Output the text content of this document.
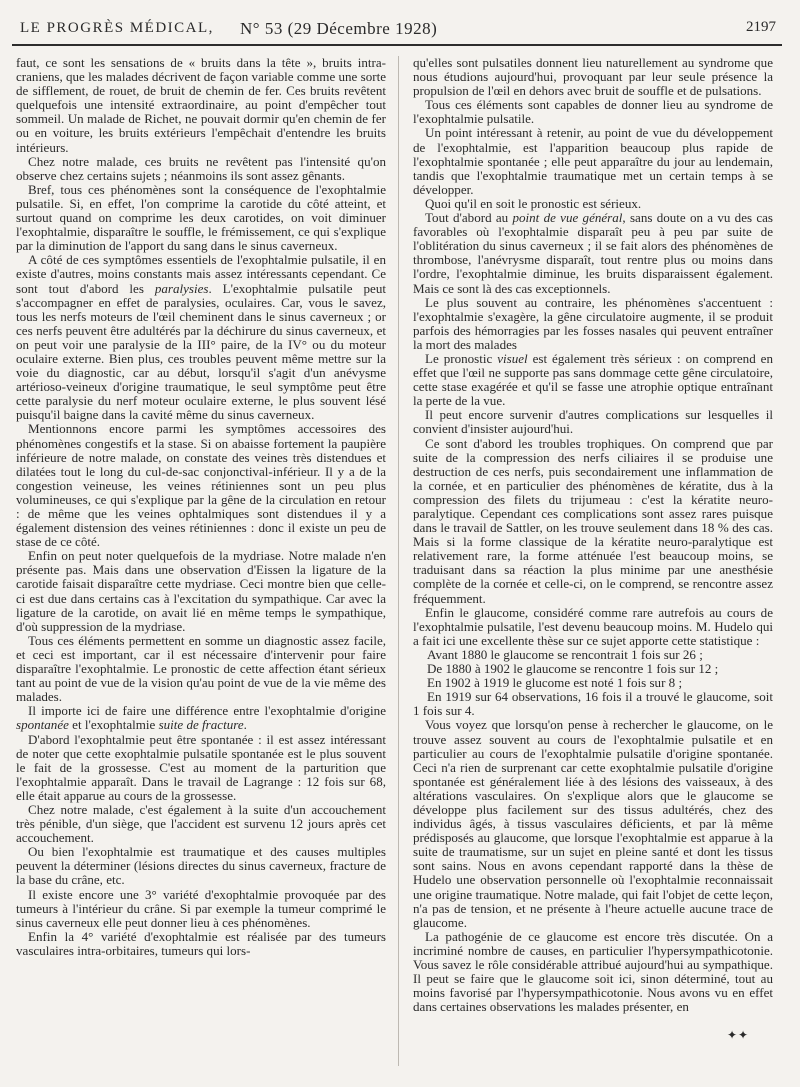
LE PROGRÈS MÉDICAL, N° 53 (29 Décembre 1928)	2197

faut, ce sont les sensations de « bruits dans la tête », bruits intra-craniens, que les malades décrivent de façon variable comme une sorte de sifflement, de rouet, de bruit de chemin de fer. Ces bruits revêtent quelquefois une intensité extraordinaire, au point d'empêcher tout sommeil. Un malade de Richet, ne pouvait dormir qu'en chemin de fer ou en voiture, les bruits extérieurs l'empêchait d'entendre les bruits intérieurs.

Chez notre malade, ces bruits ne revêtent pas l'intensité qu'on observe chez certains sujets ; néanmoins ils sont assez gênants.

Bref, tous ces phénomènes sont la conséquence de l'exophtalmie pulsatile. Si, en effet, l'on comprime la carotide du côté atteint, et surtout quand on comprime les deux carotides, on voit diminuer l'exophtalmie, disparaître le souffle, le frémissement, ce qui s'explique par la diminution de l'apport du sang dans le sinus caverneux.

A côté de ces symptômes essentiels de l'exophtalmie pulsatile, il en existe d'autres, moins constants mais assez intéressants cependant. Ce sont tout d'abord les paralysies. L'exophtalmie pulsatile peut s'accompagner en effet de paralysies, oculaires. Car, vous le savez, tous les nerfs moteurs de l'œil cheminent dans le sinus caverneux ; or ces nerfs peuvent être adultérés par la déchirure du sinus caverneux, et on peut voir une paralysie de la III° paire, de la IV° ou du moteur oculaire externe. Bien plus, ces troubles peuvent même mettre sur la voie du diagnostic, car au début, lorsqu'il s'agit d'un anévysme artérioso-veineux d'origine traumatique, le seul symptôme peut être cette paralysie du nerf moteur oculaire externe, le plus souvent lésé puisqu'il baigne dans la cavité même du sinus caverneux.

Mentionnons encore parmi les symptômes accessoires des phénomènes congestifs et la stase. Si on abaisse fortement la paupière inférieure de notre malade, on constate des veines très distendues et dilatées tout le long du cul-de-sac conjonctival-inférieur. Il y a de la congestion veineuse, les veines rétiniennes sont un peu plus volumineuses, ce qui s'explique par la gêne de la circulation en retour : de même que les veines ophtalmiques sont distendues il y a également distension des veines rétiniennes : donc il existe un peu de stase de ce côté.

Enfin on peut noter quelquefois de la mydriase. Notre malade n'en présente pas. Mais dans une observation d'Eissen la ligature de la carotide faisait disparaître cette mydriase. Ceci montre bien que celle-ci est due dans certains cas à l'excitation du sympathique. Car avec la ligature de la carotide, on avait lié en même temps le sympathique, d'où suppression de la mydriase.

Tous ces éléments permettent en somme un diagnostic assez facile, et ceci est important, car il est nécessaire d'intervenir pour faire disparaître l'exophtalmie. Le pronostic de cette affection étant sérieux tant au point de vue de la vision qu'au point de vue de la vie même des malades.

Il importe ici de faire une différence entre l'exophtalmie d'origine spontanée et l'exophtalmie suite de fracture.

D'abord l'exophtalmie peut être spontanée : il est assez intéressant de noter que cette exophtalmie pulsatile spontanée est le plus souvent le fait de la grossesse. C'est au moment de la parturition que l'exophtalmie apparaît. Dans le travail de Lagrange : 12 fois sur 68, elle était apparue au cours de la grossesse.

Chez notre malade, c'est également à la suite d'un accouchement très pénible, d'un siège, que l'accident est survenu 12 jours après cet accouchement.

Ou bien l'exophtalmie est traumatique et des causes multiples peuvent la déterminer (lésions directes du sinus caverneux, fracture de la base du crâne, etc.

Il existe encore une 3° variété d'exophtalmie provoquée par des tumeurs à l'intérieur du crâne. Si par exemple la tumeur comprimé le sinus caverneux elle peut donner lieu à ces phénomènes.

Enfin la 4° variété d'exophtalmie est réalisée par des tumeurs vasculaires intra-orbitaires, tumeurs qui lors-

qu'elles sont pulsatiles donnent lieu naturellement au syndrome que nous étudions aujourd'hui, provoquant par leur seule présence la propulsion de l'œil en dehors avec bruit de souffle et de pulsations.

Tous ces éléments sont capables de donner lieu au syndrome de l'exophtalmie pulsatile.

Un point intéressant à retenir, au point de vue du développement de l'exophtalmie, est l'apparition beaucoup plus rapide de l'exophtalmie spontanée ; elle peut apparaître du jour au lendemain, tandis que l'exophtalmie traumatique met un certain temps à se développer.

Quoi qu'il en soit le pronostic est sérieux.

Tout d'abord au point de vue général, sans doute on a vu des cas favorables où l'exophtalmie disparaît peu à peu par suite de l'oblitération du sinus caverneux ; il se fait alors des phénomènes de thrombose, l'anévrysme disparaît, tout rentre plus ou moins dans l'ordre, l'exophtalmie diminue, les bruits disparaissent également. Mais ce sont là des cas exceptionnels.

Le plus souvent au contraire, les phénomènes s'accentuent : l'exophtalmie s'exagère, la gêne circulatoire augmente, il se produit parfois des hémorragies par les fosses nasales qui peuvent entraîner la mort des malades

Le pronostic visuel est également très sérieux : on comprend en effet que l'œil ne supporte pas sans dommage cette gêne circulatoire, cette stase exagérée et qu'il se fasse une atrophie optique entraînant la perte de la vue.

Il peut encore survenir d'autres complications sur lesquelles il convient d'insister aujourd'hui.

Ce sont d'abord les troubles trophiques. On comprend que par suite de la compression des nerfs ciliaires il se produise une destruction de ces nerfs, puis secondairement une inflammation de la cornée, et en particulier des phénomènes de kératite, dus à la compression des filets du trijumeau : c'est la kératite neuro-paralytique. Cependant ces complications sont assez rares puisque dans le travail de Sattler, on les trouve seulement dans 18 % des cas. Mais si la forme classique de la kératite neuro-paralytique est relativement rare, la forme atténuée l'est beaucoup moins, se traduisant dans sa réaction la plus minime par une anesthésie complète de la cornée et celle-ci, on le comprend, se rencontre assez fréquemment.

Enfin le glaucome, considéré comme rare autrefois au cours de l'exophtalmie pulsatile, l'est devenu beaucoup moins. M. Hudelo qui a fait ici une excellente thèse sur ce sujet apporte cette statistique :

Avant 1880 le glaucome se rencontrait 1 fois sur 26 ;

De 1880 à 1902 le glaucome se rencontre 1 fois sur 12 ;

En 1902 à 1919 le glucome est noté 1 fois sur 8 ;

En 1919 sur 64 observations, 16 fois il a trouvé le glaucome, soit 1 fois sur 4.

Vous voyez que lorsqu'on pense à rechercher le glaucome, on le trouve assez souvent au cours de l'exophtalmie pulsatile et en particulier au cours de l'exophtalmie pulsatile d'origine spontanée. Ceci n'a rien de surprenant car cette exophtalmie pulsatile d'origine spontanée est généralement liée à des lésions des vaisseaux, à des altérations vasculaires. On s'explique alors que le glaucome se développe plus facilement sur des tissus adultérés, chez des individus âgés, à tissus vasculaires déficients, et par là même prédisposés au glaucome, que lorsque l'exophtalmie est apparue à la suite de traumatisme, sur un sujet en pleine santé et dont les tissus sont sains. Nous en avons cependant rapporté dans la thèse de Hudelo une observation personnelle où l'exophtalmie reconnaissait une origine traumatique. Notre malade, qui fait l'objet de cette leçon, n'a pas de tension, et ne présente à l'heure actuelle aucune trace de glaucome.

La pathogénie de ce glaucome est encore très discutée. On a incriminé nombre de causes, en particulier l'hypersympathicotonie. Vous savez le rôle considérable attribué aujourd'hui au sympathique. Il peut se faire que le glaucome soit ici, sinon déterminé, tout au moins favorisé par l'hypersympathicotonie. Nous avons vu en effet dans certaines observations les malades présenter, en

✦✦
